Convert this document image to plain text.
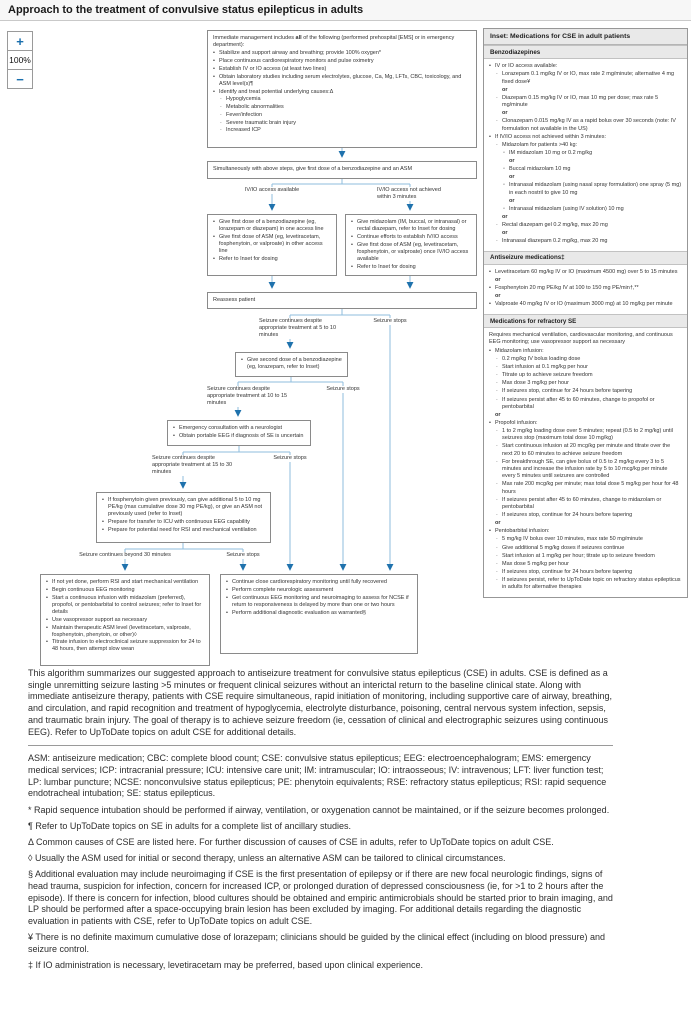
Approach to the treatment of convulsive status epilepticus in adults
+
100%
−
Immediate management includes all of the following (performed prehospital [EMS] or in emergency department):
• Stabilize and support airway and breathing; provide 100% oxygen*
• Place continuous cardiorespiratory monitors and pulse oximetry
• Establish IV or IO access (at least two lines)
• Obtain laboratory studies including serum electrolytes, glucose, Ca, Mg, LFTs, CBC, toxicology, and ASM level(s)¶
• Identify and treat potential underlying causes:Δ
· Hypoglycemia
· Metabolic abnormalities
· Fever/infection
· Severe traumatic brain injury
· Increased ICP
Simultaneously with above steps, give first dose of a benzodiazepine and an ASM
IV/IO access available	IV/IO access not achieved within 3 minutes
• Give first dose of a benzodiazepine (eg, lorazepam or diazepam) in one access line
• Give first dose of ASM (eg, levetiracetam, fosphenytoin, or valproate) in other access line
• Refer to Inset for dosing
• Give midazolam (IM, buccal, or intranasal) or rectal diazepam, refer to Inset for dosing
• Continue efforts to establish IV/IO access
• Give first dose of ASM (eg, levetiracetam, fosphenytoin, or valproate) once IV/IO access available
• Refer to Inset for dosing
Reassess patient
Seizure continues despite appropriate treatment at 5 to 10 minutes
Seizure stops
• Give second dose of a benzodiazepine (eg, lorazepam, refer to Inset)
Seizure continues despite appropriate treatment at 10 to 15 minutes
Seizure stops
• Emergency consultation with a neurologist
• Obtain portable EEG if diagnosis of SE is uncertain
Seizure continues despite appropriate treatment at 15 to 30 minutes
Seizure stops
• If fosphenytoin given previously, can give additional 5 to 10 mg PE/kg (max cumulative dose 30 mg PE/kg), or give an ASM not previously used (refer to Inset)
• Prepare for transfer to ICU with continuous EEG capability
• Prepare for potential need for RSI and mechanical ventilation
Seizure continues beyond 30 minutes	Seizure stops
• If not yet done, perform RSI and start mechanical ventilation
• Begin continuous EEG monitoring
• Start a continuous infusion with midazolam (preferred), propofol, or pentobarbital to control seizures; refer to Inset for details
• Use vasopressor support as necessary
• Maintain therapeutic ASM level (levetiracetam, valproate, fosphenytoin, phenytoin, or other)◊
• Titrate infusion to electroclinical seizure suppression for 24 to 48 hours, then attempt slow wean
• Continue close cardiorespiratory monitoring until fully recovered
• Perform complete neurologic assessment
• Get continuous EEG monitoring and neuroimaging to assess for NCSE if return to responsiveness is delayed by more than one or two hours
• Perform additional diagnostic evaluation as warranted§
Inset: Medications for CSE in adult patients
Benzodiazepines
• IV or IO access available:
· Lorazepam 0.1 mg/kg IV or IO, max rate 2 mg/minute; alternative 4 mg fixed dose¥
or
· Diazepam 0.15 mg/kg IV or IO, max 10 mg per dose; max rate 5 mg/minute
or
· Clonazepam 0.015 mg/kg IV as a rapid bolus over 30 seconds (note: IV formulation not available in the US)
• If IV/IO access not achieved within 3 minutes:
· Midazolam for patients >40 kg:
◦ IM midazolam 10 mg or 0.2 mg/kg
or
◦ Buccal midazolam 10 mg
or
◦ Intranasal midazolam (using nasal spray formulation) one spray (5 mg) in each nostril to give 10 mg
or
◦ Intranasal midazolam (using IV solution) 10 mg
or
· Rectal diazepam gel 0.2 mg/kg, max 20 mg
or
· Intranasal diazepam 0.2 mg/kg, max 20 mg
Antiseizure medications‡
• Levetiracetam 60 mg/kg IV or IO (maximum 4500 mg) over 5 to 15 minutes
or
• Fosphenytoin 20 mg PE/kg IV at 100 to 150 mg PE/min†,**
or
• Valproate 40 mg/kg IV or IO (maximum 3000 mg) at 10 mg/kg per minute
Medications for refractory SE
Requires mechanical ventilation, cardiovascular monitoring, and continuous EEG monitoring; use vasopressor support as necessary
• Midazolam infusion:
· 0.2 mg/kg IV bolus loading dose
· Start infusion at 0.1 mg/kg per hour
· Titrate up to achieve seizure freedom
· Max dose 3 mg/kg per hour
· If seizures stop, continue for 24 hours before tapering
· If seizures persist after 45 to 60 minutes, change to propofol or pentobarbital
or
• Propofol infusion:
· 1 to 2 mg/kg loading dose over 5 minutes; repeat (0.5 to 2 mg/kg) until seizures stop (maximum total dose 10 mg/kg)
· Start continuous infusion at 20 mcg/kg per minute and titrate over the next 20 to 60 minutes to achieve seizure freedom
· For breakthrough SE, can give bolus of 0.5 to 2 mg/kg every 3 to 5 minutes and increase the infusion rate by 5 to 10 mcg/kg per minute every 5 minutes until seizures are controlled
· Max rate 200 mcg/kg per minute; max total dose 5 mg/kg per hour for 48 hours
· If seizures persist after 45 to 60 minutes, change to midazolam or pentobarbital
· If seizures stop, continue for 24 hours before tapering
or
• Pentobarbital infusion:
· 5 mg/kg IV bolus over 10 minutes, max rate 50 mg/minute
· Give additional 5 mg/kg doses if seizures continue
· Start infusion at 1 mg/kg per hour; titrate up to seizure freedom
· Max dose 5 mg/kg per hour
· If seizures stop, continue for 24 hours before tapering
· If seizures persist, refer to UpToDate topic on refractory status epilepticus in adults for alternative therapies

This algorithm summarizes our suggested approach to antiseizure treatment for convulsive status epilepticus (CSE) in adults. CSE is defined as a single unremitting seizure lasting >5 minutes or frequent clinical seizures without an interictal return to the baseline clinical state. Along with immediate antiseizure therapy, patients with CSE require simultaneous, rapid initiation of monitoring, including supportive care of airway, breathing, and circulation, and rapid recognition and treatment of hypoglycemia, electrolyte disturbance, poisoning, central nervous system infection, sepsis, and traumatic brain injury. The goal of therapy is to achieve seizure freedom (ie, cessation of clinical and electrographic seizures using continuous EEG). Refer to UpToDate topics on adult CSE for additional details.

ASM: antiseizure medication; CBC: complete blood count; CSE: convulsive status epilepticus; EEG: electroencephalogram; EMS: emergency medical services; ICP: intracranial pressure; ICU: intensive care unit; IM: intramuscular; IO: intraosseous; IV: intravenous; LFT: liver function test; LP: lumbar puncture; NCSE: nonconvulsive status epilepticus; PE: phenytoin equivalents; RSE: refractory status epilepticus; RSI: rapid sequence endotracheal intubation; SE: status epilepticus.

* Rapid sequence intubation should be performed if airway, ventilation, or oxygenation cannot be maintained, or if the seizure becomes prolonged.

¶ Refer to UpToDate topics on SE in adults for a complete list of ancillary studies.

Δ Common causes of CSE are listed here. For further discussion of causes of CSE in adults, refer to UpToDate topics on adult CSE.

◊ Usually the ASM used for initial or second therapy, unless an alternative ASM can be tailored to clinical circumstances.

§ Additional evaluation may include neuroimaging if CSE is the first presentation of epilepsy or if there are new focal neurologic findings, signs of head trauma, suspicion for infection, concern for increased ICP, or prolonged duration of depressed consciousness (ie, for >1 to 2 hours after the episode). If there is concern for infection, blood cultures should be obtained and empiric antimicrobials should be started prior to brain imaging, and LP should be performed after a space-occupying brain lesion has been excluded by imaging. For additional details regarding the diagnostic evaluation in patients with CSE, refer to UpToDate topics on adult CSE.

¥ There is no definite maximum cumulative dose of lorazepam; clinicians should be guided by the clinical effect (including on blood pressure) and seizure control.

‡ If IO administration is necessary, levetiracetam may be preferred, based upon clinical experience.
